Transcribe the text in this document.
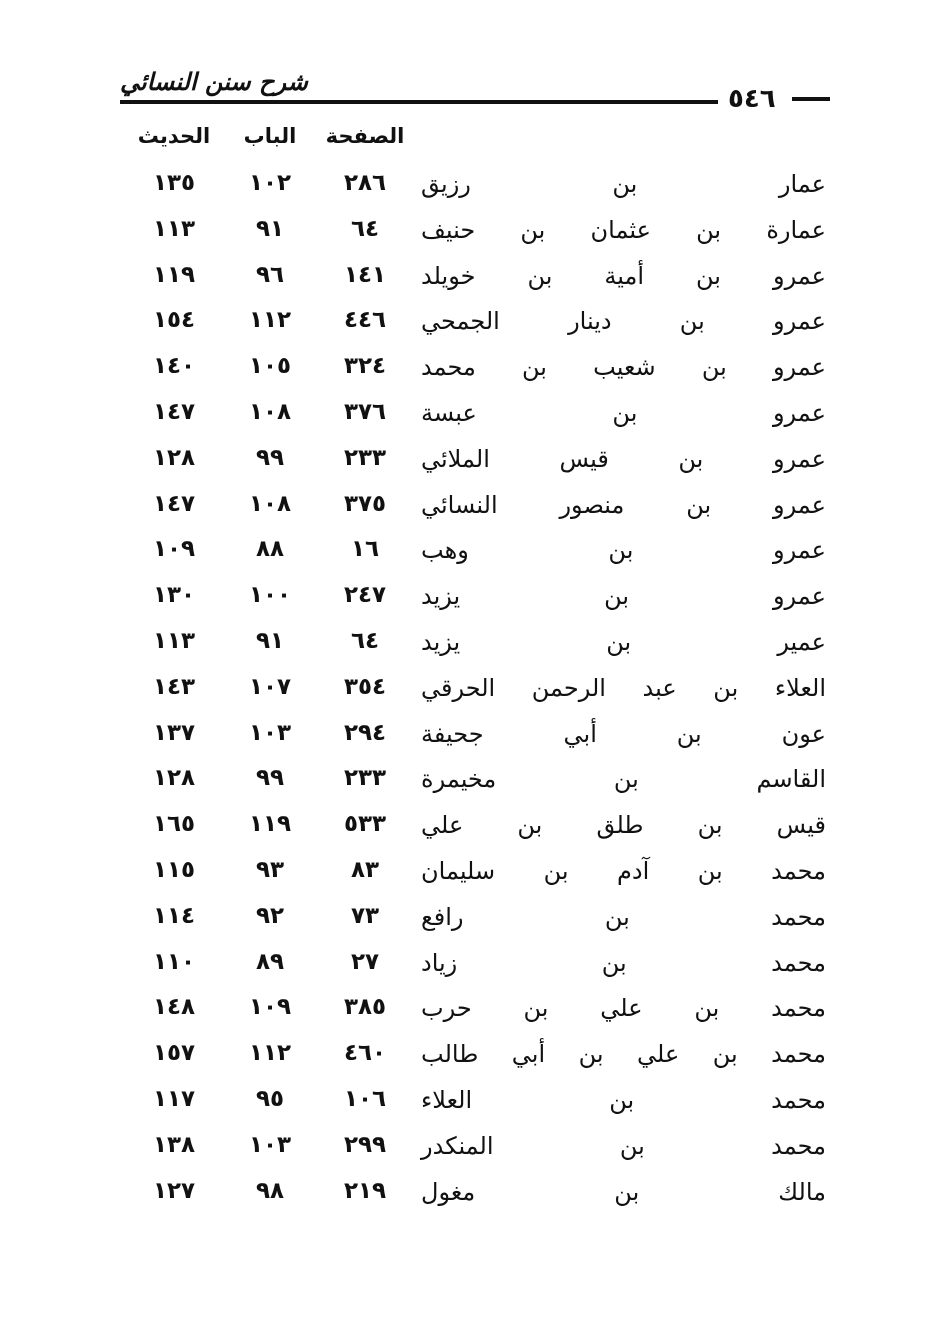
شرح سنن النسائي
٥٤٦
الصفحة
الباب
الحديث
عمار بن رزيق
٢٨٦
١٠٢
١٣٥
عمارة بن عثمان بن حنيف
٦٤
٩١
١١٣
عمرو بن أمية بن خويلد
١٤١
٩٦
١١٩
عمرو بن دينار الجمحي
٤٤٦
١١٢
١٥٤
عمرو بن شعيب بن محمد
٣٢٤
١٠٥
١٤٠
عمرو بن عبسة
٣٧٦
١٠٨
١٤٧
عمرو بن قيس الملائي
٢٣٣
٩٩
١٢٨
عمرو بن منصور النسائي
٣٧٥
١٠٨
١٤٧
عمرو بن وهب
١٦
٨٨
١٠٩
عمرو بن يزيد
٢٤٧
١٠٠
١٣٠
عمير بن يزيد
٦٤
٩١
١١٣
العلاء بن عبد الرحمن الحرقي
٣٥٤
١٠٧
١٤٣
عون بن أبي جحيفة
٢٩٤
١٠٣
١٣٧
القاسم بن مخيمرة
٢٣٣
٩٩
١٢٨
قيس بن طلق بن علي
٥٣٣
١١٩
١٦٥
محمد بن آدم بن سليمان
٨٣
٩٣
١١٥
محمد بن رافع
٧٣
٩٢
١١٤
محمد بن زياد
٢٧
٨٩
١١٠
محمد بن علي بن حرب
٣٨٥
١٠٩
١٤٨
محمد بن علي بن أبي طالب
٤٦٠
١١٢
١٥٧
محمد بن العلاء
١٠٦
٩٥
١١٧
محمد بن المنكدر
٢٩٩
١٠٣
١٣٨
مالك بن مغول
٢١٩
٩٨
١٢٧
